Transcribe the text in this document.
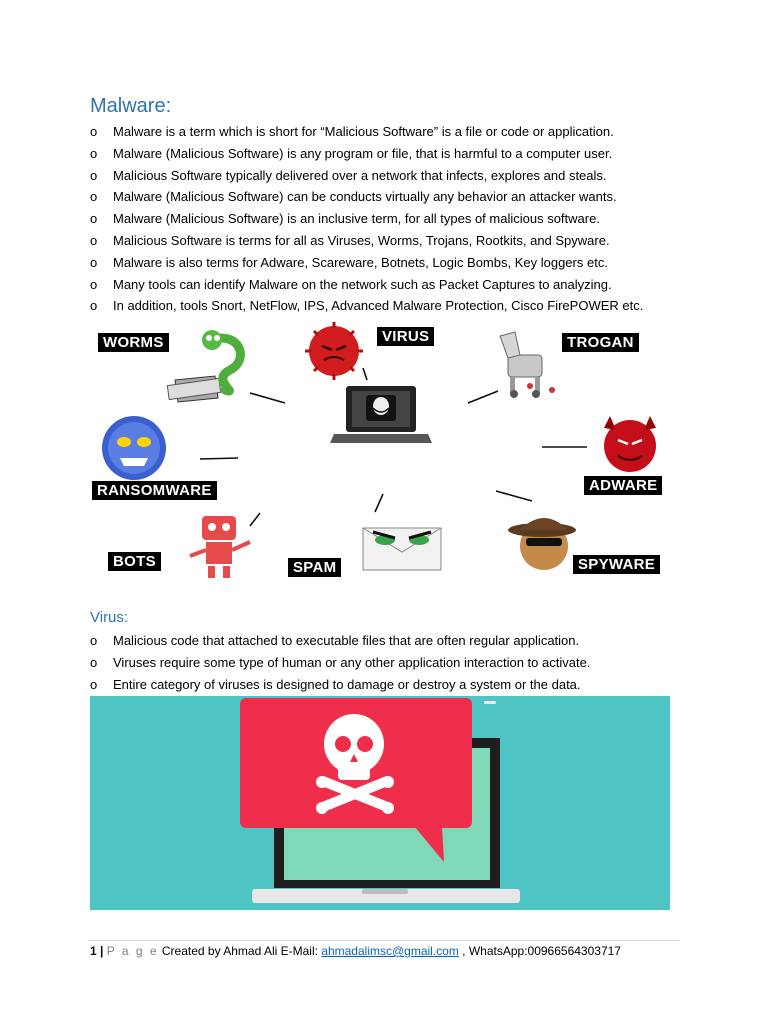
Malware:
o Malware is a term which is short for “Malicious Software” is a file or code or application.
o Malware (Malicious Software) is any program or file, that is harmful to a computer user.
o Malicious Software typically delivered over a network that infects, explores and steals.
o Malware (Malicious Software) can be conducts virtually any behavior an attacker wants.
o Malware (Malicious Software) is an inclusive term, for all types of malicious software.
o Malicious Software is terms for all as Viruses, Worms, Trojans, Rootkits, and Spyware.
o Malware is also terms for Adware, Scareware, Botnets, Logic Bombs, Key loggers etc.
o Many tools can identify Malware on the network such as Packet Captures to analyzing.
o In addition, tools Snort, NetFlow, IPS, Advanced Malware Protection, Cisco FirePOWER etc.
WORMS	VIRUS	TROGAN
RANSOMWARE	ADWARE
BOTS	SPAM	SPYWARE
Virus:
o Malicious code that attached to executable files that are often regular application.
o Viruses require some type of human or any other application interaction to activate.
o Entire category of viruses is designed to damage or destroy a system or the data.
1 | P a g e Created by Ahmad Ali E-Mail: ahmadalimsc@gmail.com , WhatsApp:00966564303717
